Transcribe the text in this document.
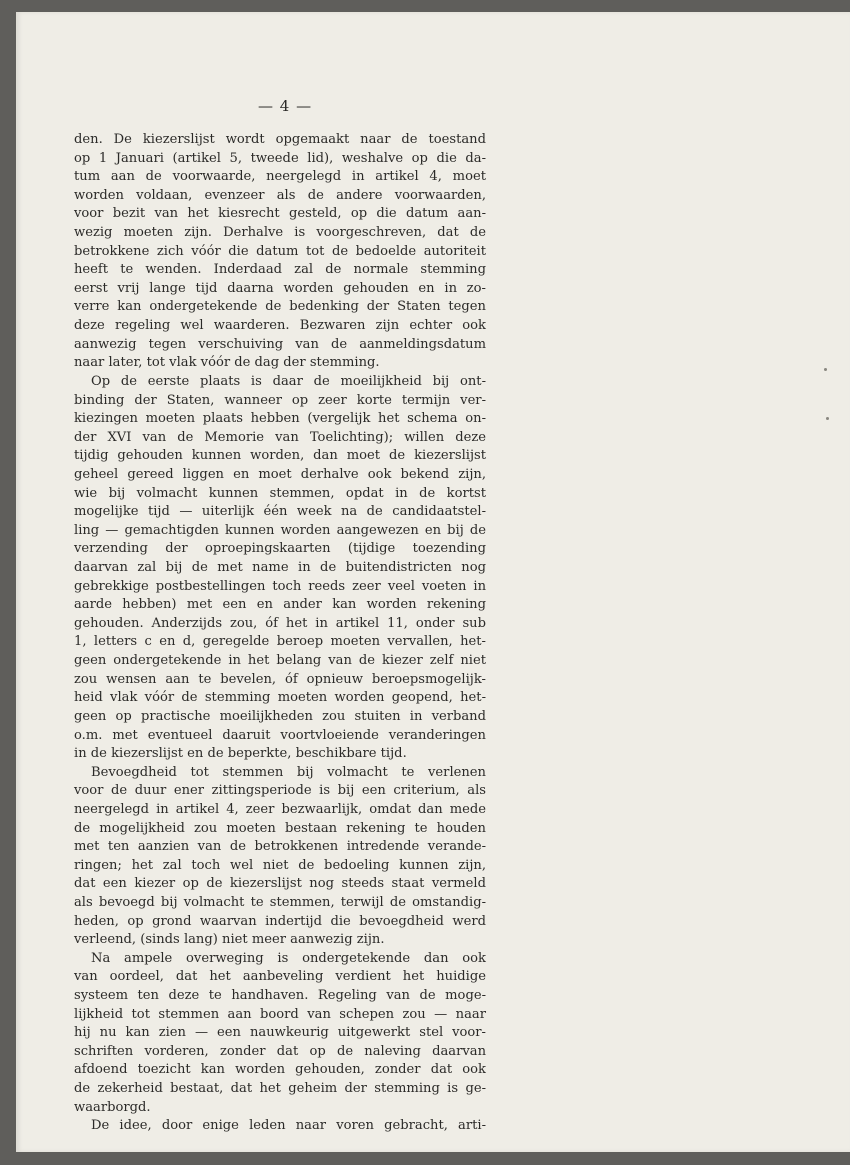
— 4 —
den. De kiezerslijst wordt opgemaakt naar de toestand
op 1 Januari (artikel 5, tweede lid), weshalve op die da-
tum aan de voorwaarde, neergelegd in artikel 4, moet
worden voldaan, evenzeer als de andere voorwaarden,
voor bezit van het kiesrecht gesteld, op die datum aan-
wezig moeten zijn. Derhalve is voorgeschreven, dat de
betrokkene zich vóór die datum tot de bedoelde autoriteit
heeft te wenden. Inderdaad zal de normale stemming
eerst vrij lange tijd daarna worden gehouden en in zo-
verre kan ondergetekende de bedenking der Staten tegen
deze regeling wel waarderen. Bezwaren zijn echter ook
aanwezig tegen verschuiving van de aanmeldingsdatum
naar later, tot vlak vóór de dag der stemming.
Op de eerste plaats is daar de moeilijkheid bij ont-
binding der Staten, wanneer op zeer korte termijn ver-
kiezingen moeten plaats hebben (vergelijk het schema on-
der XVI van de Memorie van Toelichting); willen deze
tijdig gehouden kunnen worden, dan moet de kiezerslijst
geheel gereed liggen en moet derhalve ook bekend zijn,
wie bij volmacht kunnen stemmen, opdat in de kortst
mogelijke tijd — uiterlijk één week na de candidaatstel-
ling — gemachtigden kunnen worden aangewezen en bij de
verzending der oproepingskaarten (tijdige toezending
daarvan zal bij de met name in de buitendistricten nog
gebrekkige postbestellingen toch reeds zeer veel voeten in
aarde hebben) met een en ander kan worden rekening
gehouden. Anderzijds zou, óf het in artikel 11, onder sub
1, letters c en d, geregelde beroep moeten vervallen, het-
geen ondergetekende in het belang van de kiezer zelf niet
zou wensen aan te bevelen, óf opnieuw beroepsmogelijk-
heid vlak vóór de stemming moeten worden geopend, het-
geen op practische moeilijkheden zou stuiten in verband
o.m. met eventueel daaruit voortvloeiende veranderingen
in de kiezerslijst en de beperkte, beschikbare tijd.
Bevoegdheid tot stemmen bij volmacht te verlenen
voor de duur ener zittingsperiode is bij een criterium, als
neergelegd in artikel 4, zeer bezwaarlijk, omdat dan mede
de mogelijkheid zou moeten bestaan rekening te houden
met ten aanzien van de betrokkenen intredende verande-
ringen; het zal toch wel niet de bedoeling kunnen zijn,
dat een kiezer op de kiezerslijst nog steeds staat vermeld
als bevoegd bij volmacht te stemmen, terwijl de omstandig-
heden, op grond waarvan indertijd die bevoegdheid werd
verleend, (sinds lang) niet meer aanwezig zijn.
Na ampele overweging is ondergetekende dan ook
van oordeel, dat het aanbeveling verdient het huidige
systeem ten deze te handhaven. Regeling van de moge-
lijkheid tot stemmen aan boord van schepen zou — naar
hij nu kan zien — een nauwkeurig uitgewerkt stel voor-
schriften vorderen, zonder dat op de naleving daarvan
afdoend toezicht kan worden gehouden, zonder dat ook
de zekerheid bestaat, dat het geheim der stemming is ge-
waarborgd.
De idee, door enige leden naar voren gebracht, arti-
